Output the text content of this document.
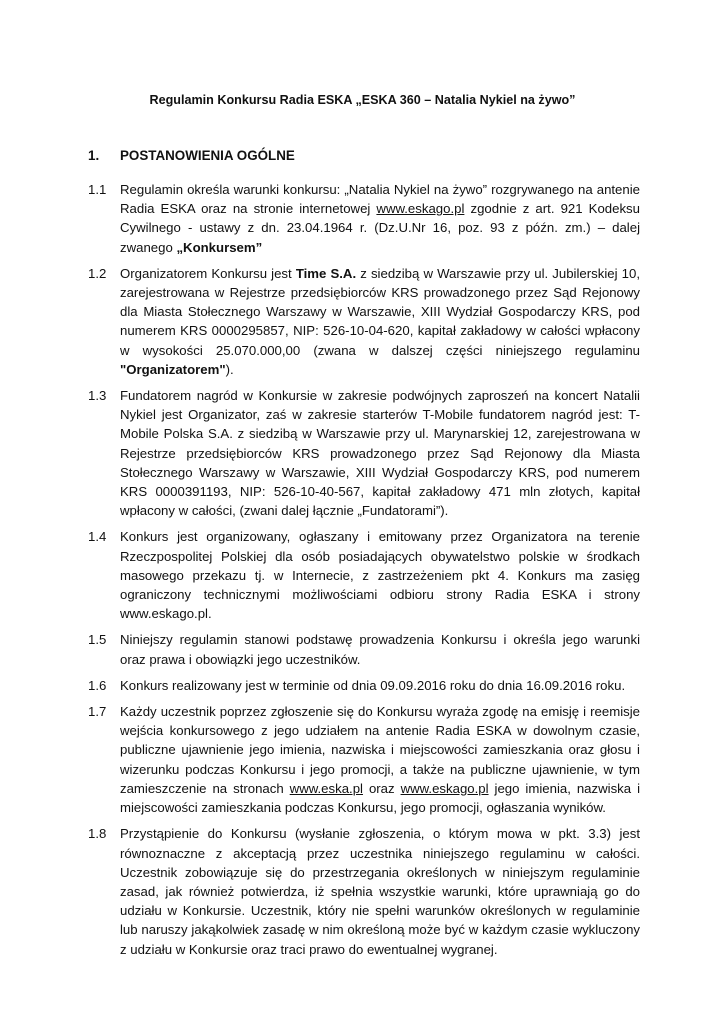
Regulamin Konkursu Radia ESKA „ESKA 360 – Natalia Nykiel na żywo”
1. POSTANOWIENIA OGÓLNE
1.1	Regulamin określa warunki konkursu: „Natalia Nykiel na żywo” rozgrywanego na antenie Radia ESKA oraz na stronie internetowej www.eskago.pl zgodnie z art. 921 Kodeksu Cywilnego - ustawy z dn. 23.04.1964 r. (Dz.U.Nr 16, poz. 93 z późn. zm.) – dalej zwanego „Konkursem”
1.2	Organizatorem Konkursu jest Time S.A. z siedzibą w Warszawie przy ul. Jubilerskiej 10, zarejestrowana w Rejestrze przedsiębiorców KRS prowadzonego przez Sąd Rejonowy dla Miasta Stołecznego Warszawy w Warszawie, XIII Wydział Gospodarczy KRS, pod numerem KRS 0000295857, NIP: 526-10-04-620, kapitał zakładowy w całości wpłacony w wysokości 25.070.000,00 (zwana w dalszej części niniejszego regulaminu "Organizatorem").
1.3 Fundatorem nagród w Konkursie w zakresie podwójnych zaproszeń na koncert Natalii Nykiel jest Organizator, zaś w zakresie starterów T-Mobile fundatorem nagród jest: T-Mobile Polska S.A. z siedzibą w Warszawie przy ul. Marynarskiej 12, zarejestrowana w Rejestrze przedsiębiorców KRS prowadzonego przez Sąd Rejonowy dla Miasta Stołecznego Warszawy w Warszawie, XIII Wydział Gospodarczy KRS, pod numerem KRS 0000391193, NIP: 526-10-40-567, kapitał zakładowy 471 mln złotych, kapitał wpłacony w całości, (zwani dalej łącznie „Fundatorami”).
1.4	Konkurs jest organizowany, ogłaszany i emitowany przez Organizatora na terenie Rzeczpospolitej Polskiej dla osób posiadających obywatelstwo polskie w środkach masowego przekazu tj. w Internecie, z zastrzeżeniem pkt 4. Konkurs ma zasięg ograniczony technicznymi możliwościami odbioru strony Radia ESKA i strony www.eskago.pl.
1.5	Niniejszy regulamin stanowi podstawę prowadzenia Konkursu i określa jego warunki oraz prawa i obowiązki jego uczestników.
1.6	Konkurs realizowany jest w terminie od dnia 09.09.2016 roku do dnia 16.09.2016 roku.
1.7	Każdy uczestnik poprzez zgłoszenie się do Konkursu wyraża zgodę na emisję i reemisje wejścia konkursowego z jego udziałem na antenie Radia ESKA w dowolnym czasie, publiczne ujawnienie jego imienia, nazwiska i miejscowości zamieszkania oraz głosu i wizerunku podczas Konkursu i jego promocji, a także na publiczne ujawnienie, w tym zamieszczenie na stronach www.eska.pl oraz www.eskago.pl jego imienia, nazwiska i miejscowości zamieszkania podczas Konkursu, jego promocji, ogłaszania wyników.
1.8	Przystąpienie do Konkursu (wysłanie zgłoszenia, o którym mowa w pkt. 3.3) jest równoznaczne z akceptacją przez uczestnika niniejszego regulaminu w całości. Uczestnik zobowiązuje się do przestrzegania określonych w niniejszym regulaminie zasad, jak również potwierdza, iż spełnia wszystkie warunki, które uprawniają go do udziału w Konkursie. Uczestnik, który nie spełni warunków określonych w regulaminie lub naruszy jakąkolwiek zasadę w nim określoną może być w każdym czasie wykluczony z udziału w Konkursie oraz traci prawo do ewentualnej wygranej.
